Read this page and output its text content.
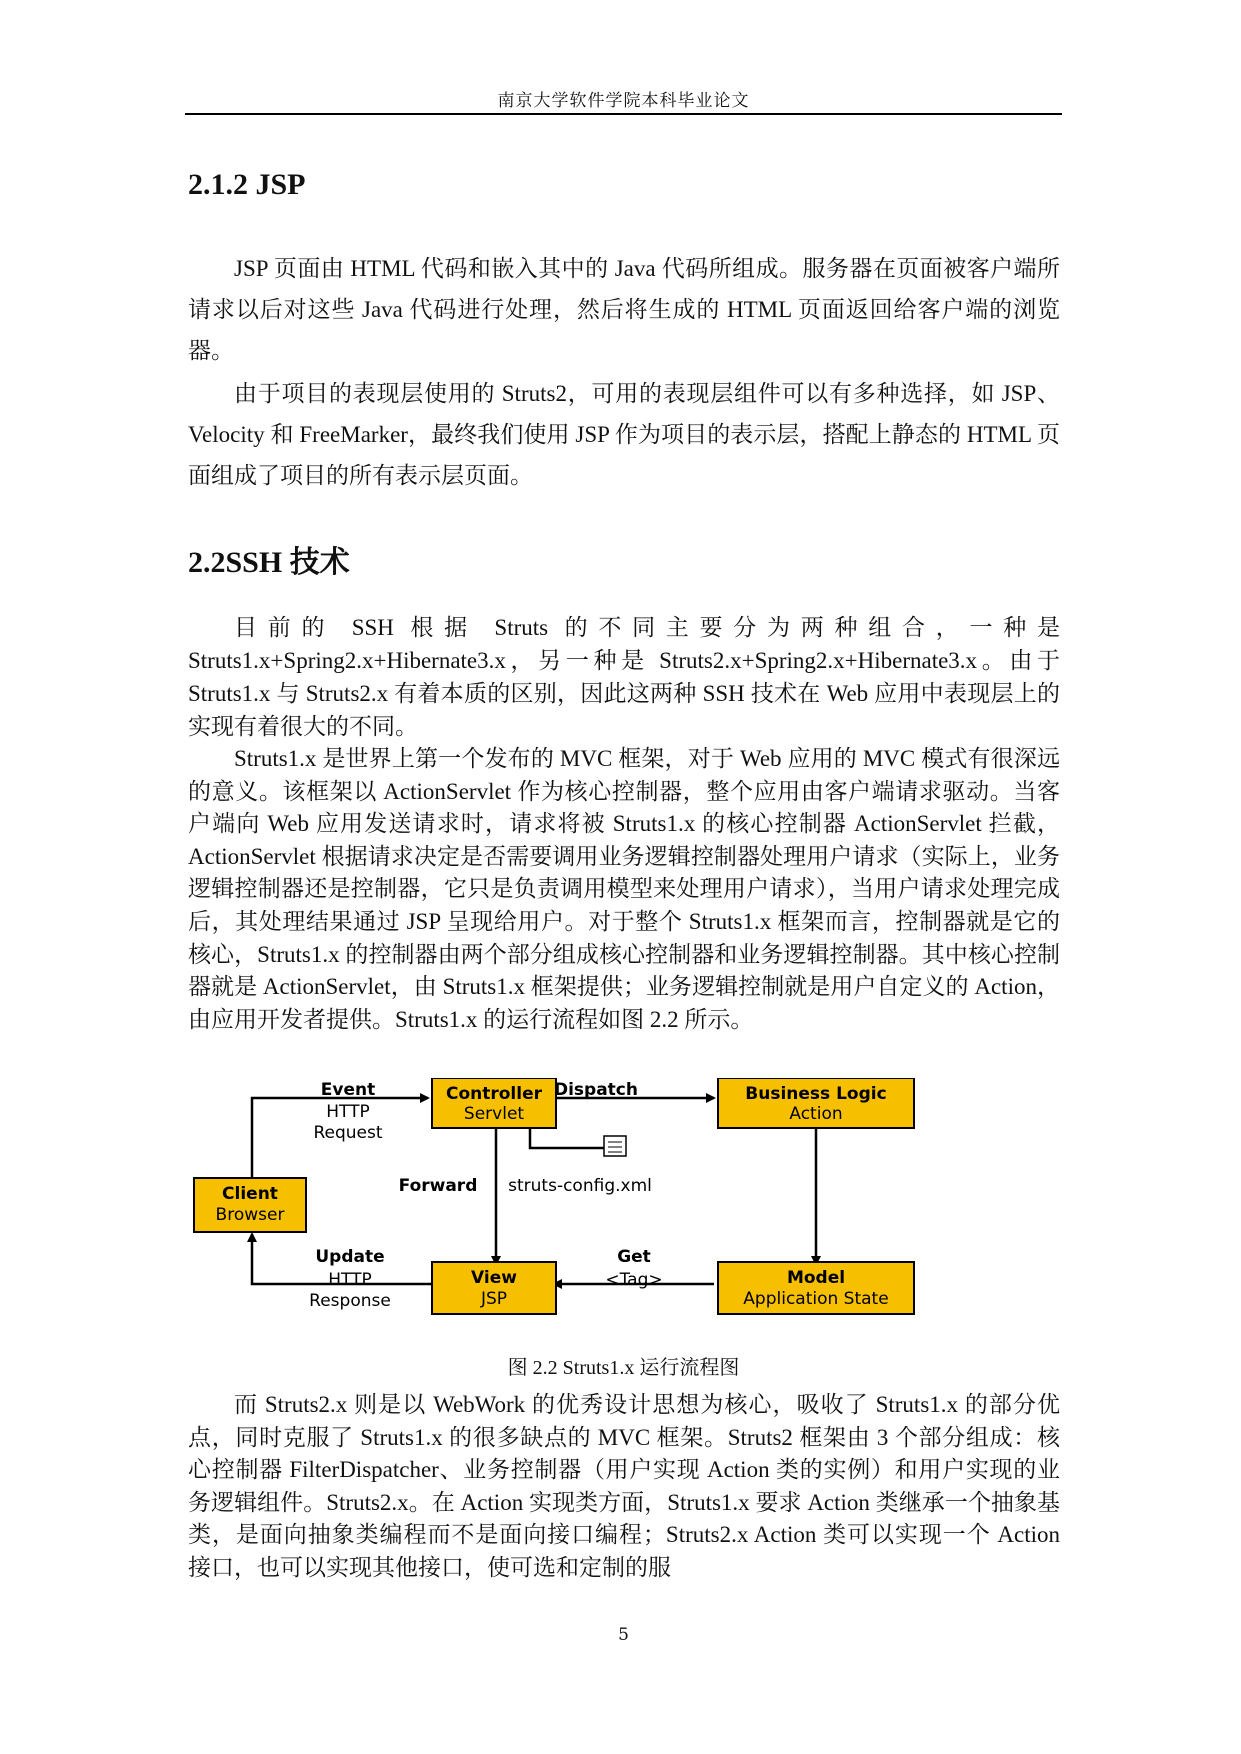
南京大学软件学院本科毕业论文
2.1.2 JSP

JSP 页面由 HTML 代码和嵌入其中的 Java 代码所组成。服务器在页面被客户端所请求以后对这些 Java 代码进行处理，然后将生成的 HTML 页面返回给客户端的浏览器。

由于项目的表现层使用的 Struts2，可用的表现层组件可以有多种选择，如 JSP、Velocity 和 FreeMarker，最终我们使用 JSP 作为项目的表示层，搭配上静态的 HTML 页面组成了项目的所有表示层页面。

2.2SSH 技术

目前的 SSH 根据 Struts 的不同主要分为两种组合，一种是 Struts1.x+Spring2.x+Hibernate3.x，另一种是 Struts2.x+Spring2.x+Hibernate3.x。由于 Struts1.x 与 Struts2.x 有着本质的区别，因此这两种 SSH 技术在 Web 应用中表现层上的实现有着很大的不同。

Struts1.x 是世界上第一个发布的 MVC 框架，对于 Web 应用的 MVC 模式有很深远的意义。该框架以 ActionServlet 作为核心控制器，整个应用由客户端请求驱动。当客户端向 Web 应用发送请求时，请求将被 Struts1.x 的核心控制器 ActionServlet 拦截，ActionServlet 根据请求决定是否需要调用业务逻辑控制器处理用户请求（实际上，业务逻辑控制器还是控制器，它只是负责调用模型来处理用户请求），当用户请求处理完成后，其处理结果通过 JSP 呈现给用户。对于整个 Struts1.x 框架而言，控制器就是它的核心，Struts1.x 的控制器由两个部分组成核心控制器和业务逻辑控制器。其中核心控制器就是 ActionServlet，由 Struts1.x 框架提供；业务逻辑控制就是用户自定义的 Action，由应用开发者提供。Struts1.x 的运行流程如图 2.2 所示。

Client
Browser
Controller
Servlet
Business Logic
Action
View
JSP
Model
Application State
Event
HTTP
Request
Dispatch
Forward struts-config.xml
Update
HTTP
Response
Get
<Tag>
图 2.2 Struts1.x 运行流程图

而 Struts2.x 则是以 WebWork 的优秀设计思想为核心，吸收了 Struts1.x 的部分优点，同时克服了 Struts1.x 的很多缺点的 MVC 框架。Struts2 框架由 3 个部分组成：核心控制器 FilterDispatcher、业务控制器（用户实现 Action 类的实例）和用户实现的业务逻辑组件。Struts2.x。在 Action 实现类方面，Struts1.x 要求 Action 类继承一个抽象基类，是面向抽象类编程而不是面向接口编程；Struts2.x Action 类可以实现一个 Action 接口，也可以实现其他接口，使可选和定制的服

5
